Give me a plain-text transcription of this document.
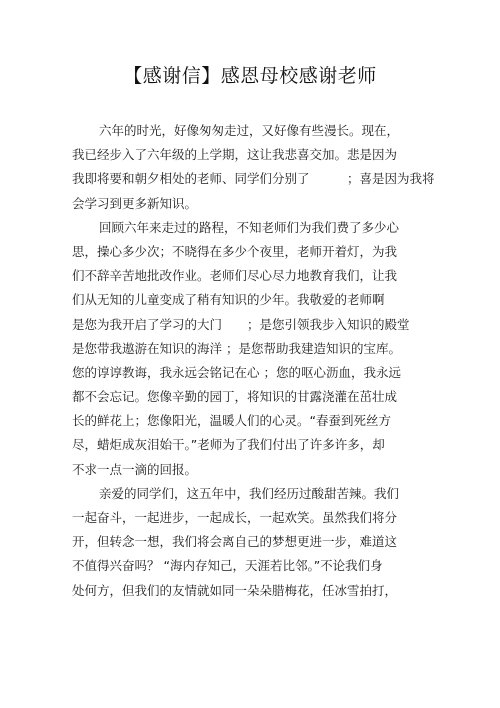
【感谢信】感恩母校感谢老师
六年的时光，好像匆匆走过，又好像有些漫长。现在，
我已经步入了六年级的上学期，这让我悲喜交加。悲是因为
我即将要和朝夕相处的老师、同学们分别了　　　；喜是因为我将
会学习到更多新知识。
回顾六年来走过的路程，不知老师们为我们费了多少心
思，操心多少次；不晓得在多少个夜里，老师开着灯，为我
们不辞辛苦地批改作业。老师们尽心尽力地教育我们，让我
们从无知的儿童变成了稍有知识的少年。我敬爱的老师啊
是您为我开启了学习的大门　　；是您引领我步入知识的殿堂
是您带我遨游在知识的海洋 ；是您帮助我建造知识的宝库。
您的谆谆教诲，我永远会铭记在心 ；您的呕心沥血，我永远
都不会忘记。您像辛勤的园丁，将知识的甘露浇灌在茁壮成
长的鲜花上；您像阳光，温暖人们的心灵。“春蚕到死丝方
尽，蜡炬成灰泪始干。”老师为了我们付出了许多许多，却
不求一点一滴的回报。
亲爱的同学们，这五年中，我们经历过酸甜苦辣。我们
一起奋斗，一起进步，一起成长，一起欢笑。虽然我们将分
开，但转念一想，我们将会离自己的梦想更进一步，难道这
不值得兴奋吗？ “海内存知己，天涯若比邻。”不论我们身
处何方，但我们的友情就如同一朵朵腊梅花，任冰雪拍打，
